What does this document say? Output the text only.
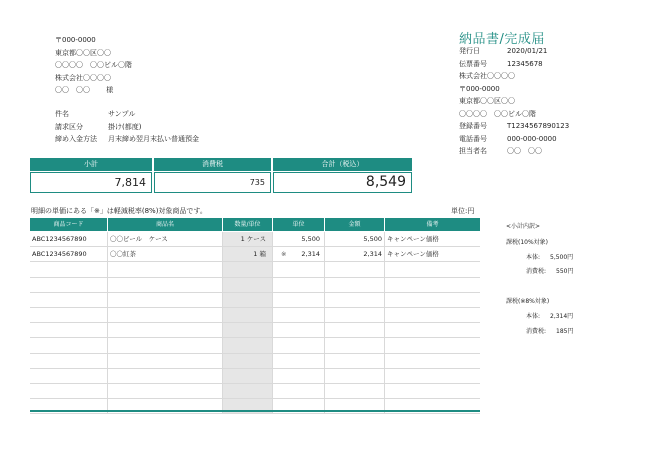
〒000-0000
東京都〇〇区〇〇
〇〇〇〇　〇〇ビル〇階
株式会社〇〇〇〇
〇〇　〇〇 様
件名	サンプル
請求区分	掛け(都度)
締め入金方法	月末締め翌月末払い普通預金
納品書/完成届
発行日	2020/01/21
伝票番号	12345678
株式会社〇〇〇〇
〒000-0000
東京都〇〇区〇〇
〇〇〇〇　〇〇ビル〇階
登録番号	T1234567890123
電話番号	000-000-0000
担当者名	〇〇　〇〇
小計	消費税	合計（税込）
7,814	735	8,549
明細の単価にある「※」は軽減税率(8%)対象商品です。	単位:円
商品コード	商品名	数量/単位	単位	金額	備考
ABC1234567890	〇〇ビール　ケース	1 ケース	5,500	5,500 キャンペーン価格
ABC1234567890	〇〇紅茶	1 箱	※ 2,314	2,314 キャンペーン価格
<小計内訳>
課税(10%対象)
本体: 5,500円
消費税: 550円
課税(※8%対象)
本体: 2,314円
消費税: 185円
